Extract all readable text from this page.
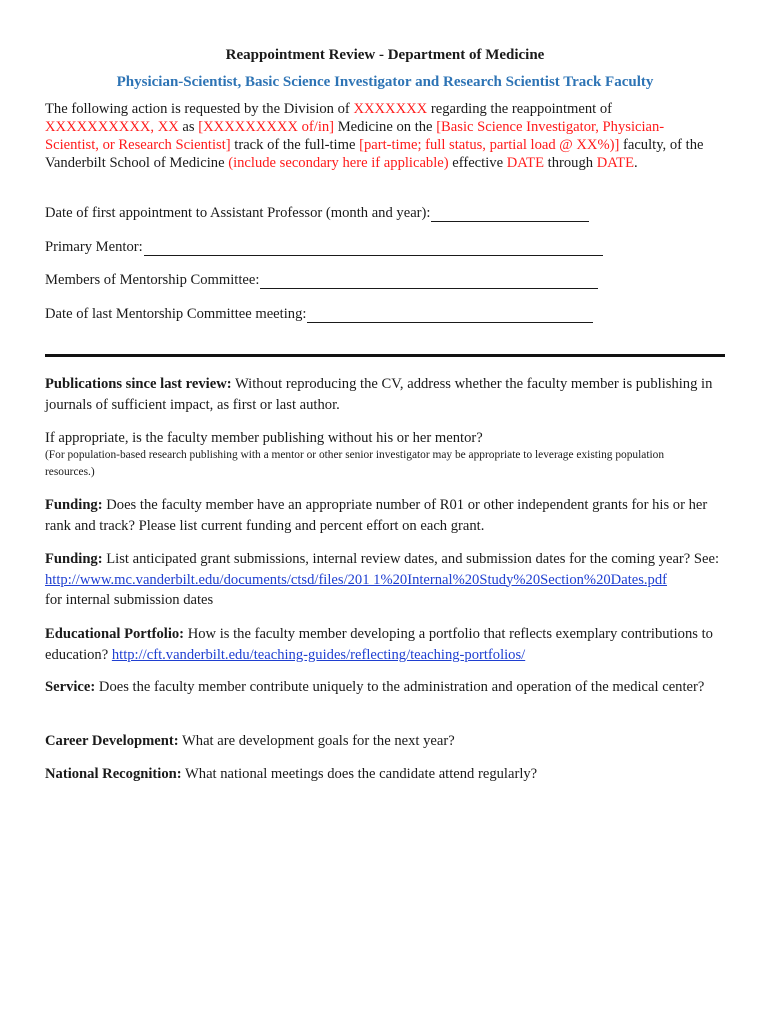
Reappointment Review - Department of Medicine
Physician-Scientist, Basic Science Investigator and Research Scientist Track Faculty
The following action is requested by the Division of XXXXXXX regarding the reappointment of XXXXXXXXXX, XX as [XXXXXXXXX of/in] Medicine on the [Basic Science Investigator, Physician-Scientist, or Research Scientist] track of the full-time [part-time; full status, partial load @ XX%)] faculty, of the Vanderbilt School of Medicine (include secondary here if applicable) effective DATE through DATE.
Date of first appointment to Assistant Professor (month and year):
Primary Mentor:
Members of Mentorship Committee:
Date of last Mentorship Committee meeting:
Publications since last review: Without reproducing the CV, address whether the faculty member is publishing in journals of sufficient impact, as first or last author.
If appropriate, is the faculty member publishing without his or her mentor?
(For population-based research publishing with a mentor or other senior investigator may be appropriate to leverage existing population resources.)
Funding: Does the faculty member have an appropriate number of R01 or other independent grants for his or her rank and track? Please list current funding and percent effort on each grant.
Funding: List anticipated grant submissions, internal review dates, and submission dates for the coming year? See: http://www.mc.vanderbilt.edu/documents/ctsd/files/201 1%20Internal%20Study%20Section%20Dates.pdf
for internal submission dates
Educational Portfolio: How is the faculty member developing a portfolio that reflects exemplary contributions to education? http://cft.vanderbilt.edu/teaching-guides/reflecting/teaching-portfolios/
Service: Does the faculty member contribute uniquely to the administration and operation of the medical center?
Career Development: What are development goals for the next year?
National Recognition: What national meetings does the candidate attend regularly?
